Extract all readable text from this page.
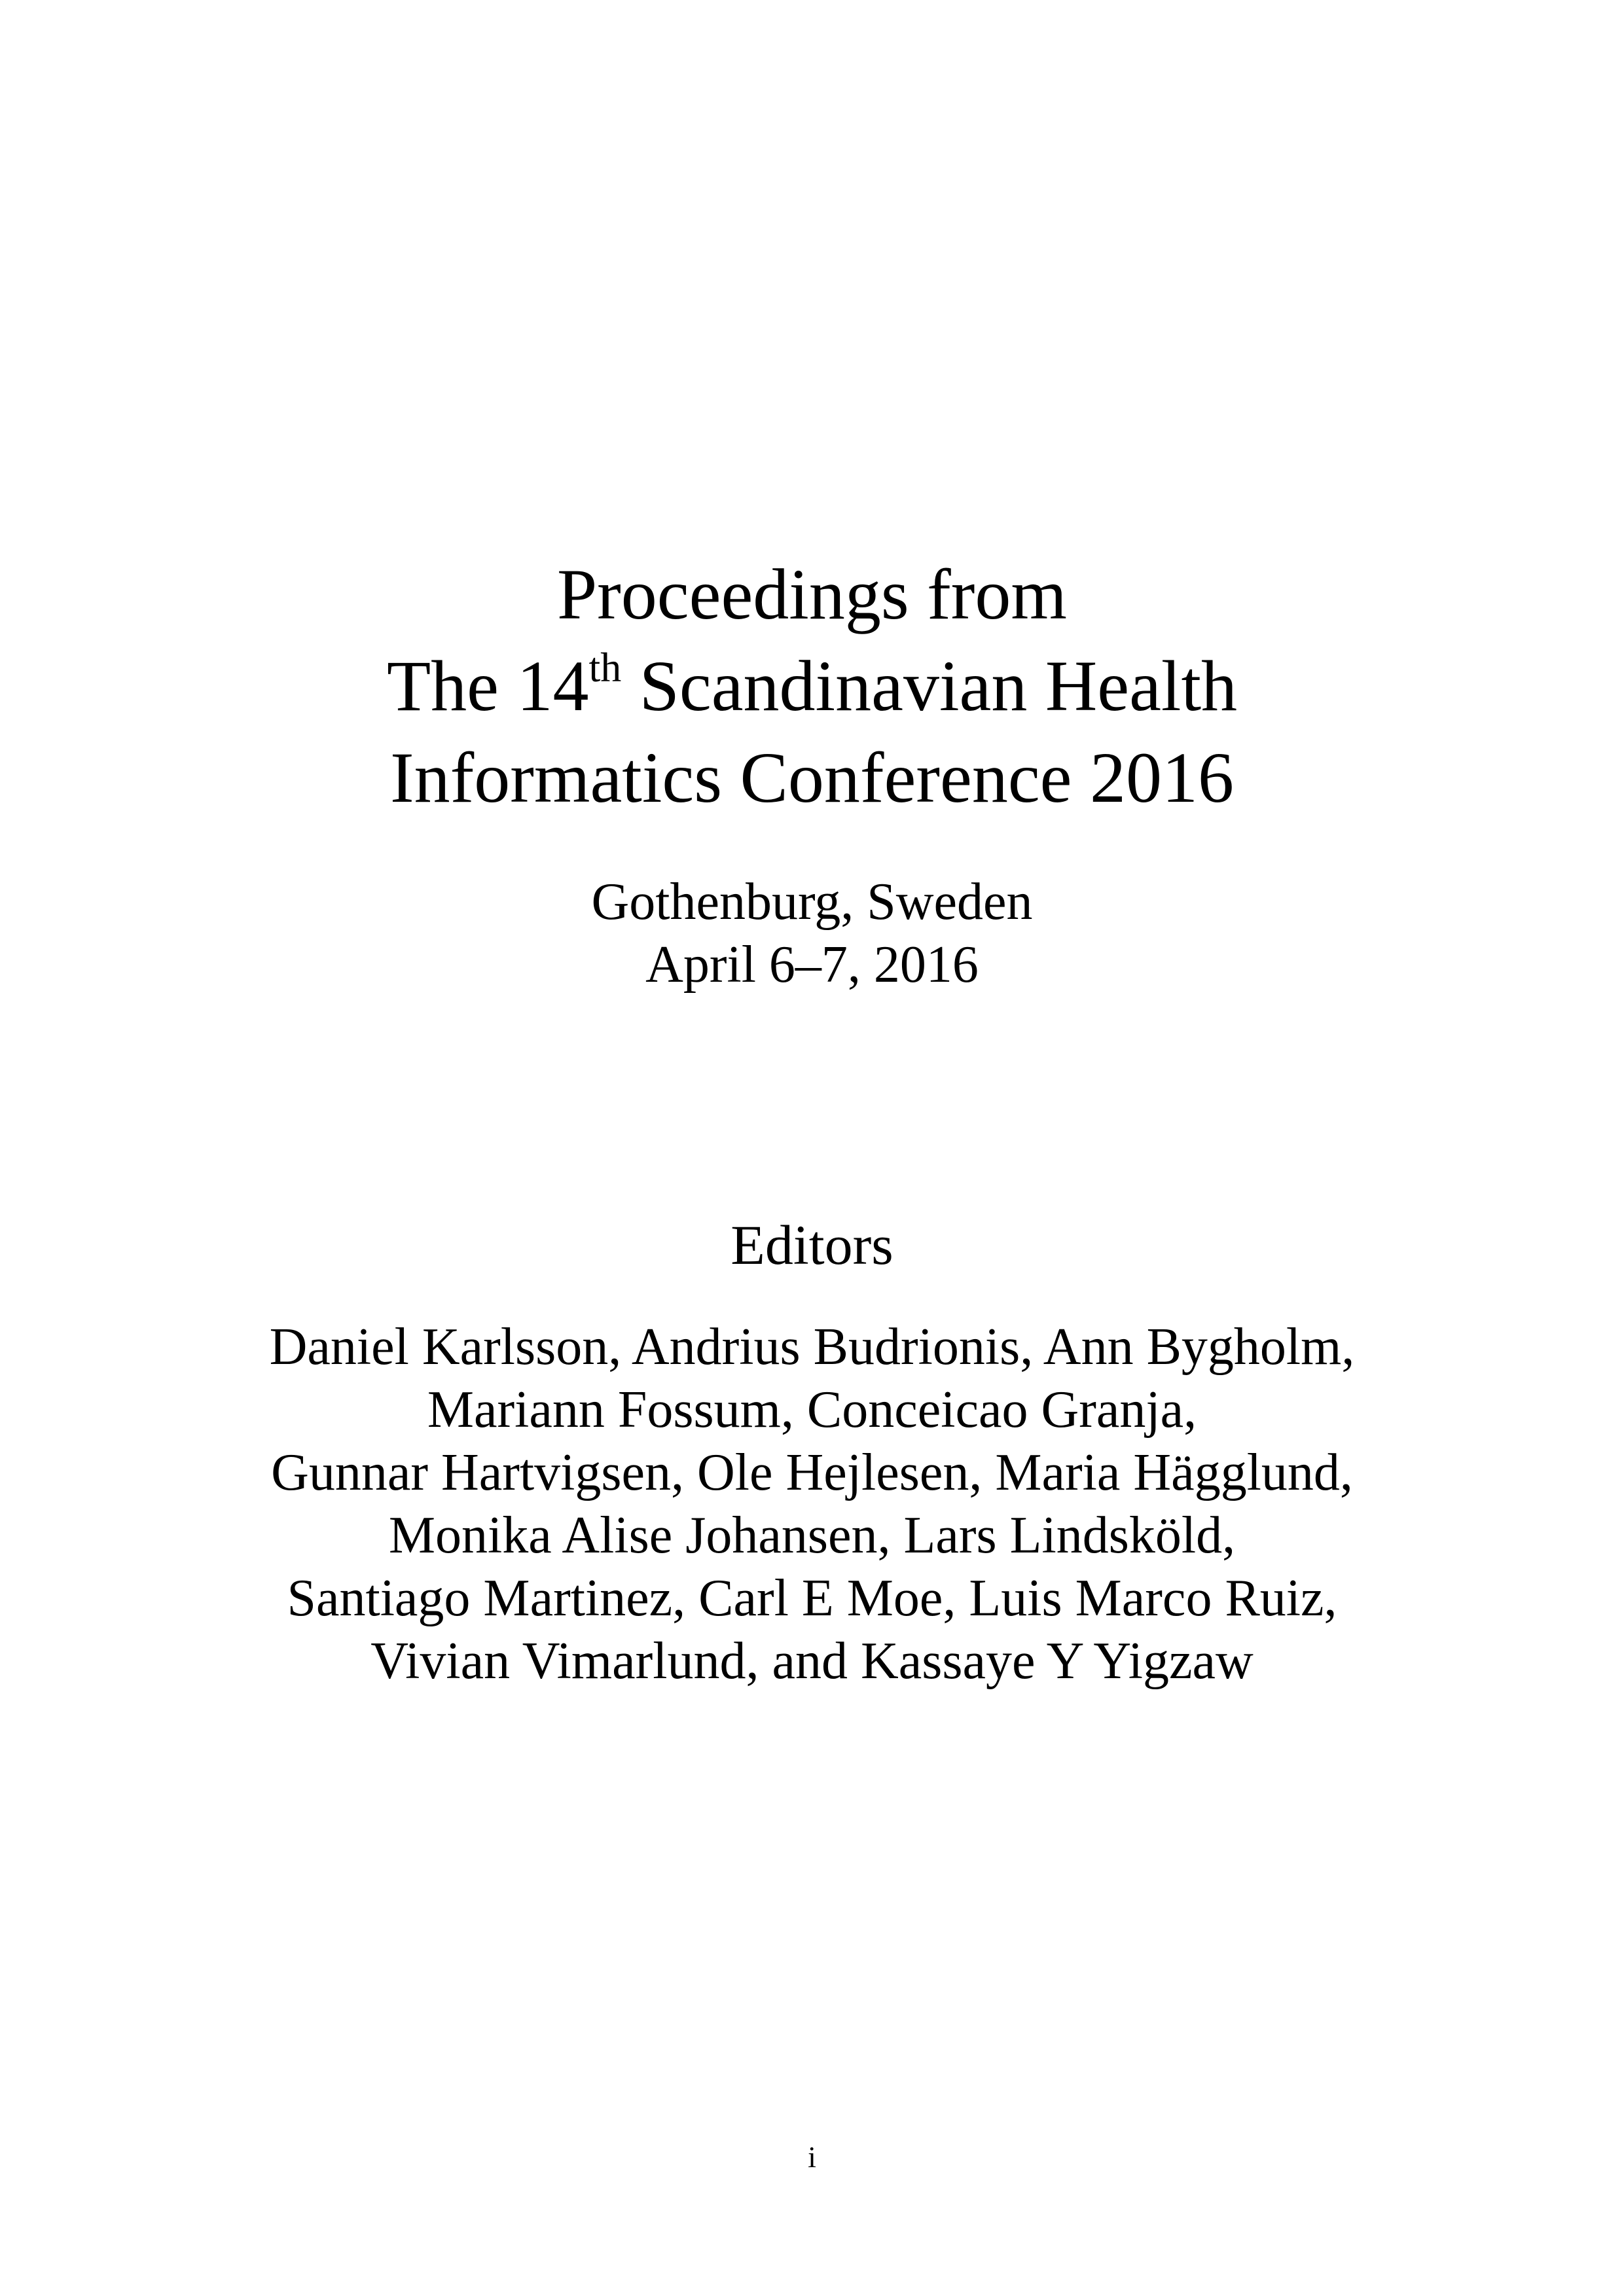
Proceedings from
The 14th Scandinavian Health
Informatics Conference 2016
Gothenburg, Sweden
April 6–7, 2016
Editors
Daniel Karlsson, Andrius Budrionis, Ann Bygholm,
Mariann Fossum, Conceicao Granja,
Gunnar Hartvigsen, Ole Hejlesen, Maria Hägglund,
Monika Alise Johansen, Lars Lindsköld,
Santiago Martinez, Carl E Moe, Luis Marco Ruiz,
Vivian Vimarlund, and Kassaye Y Yigzaw
i
